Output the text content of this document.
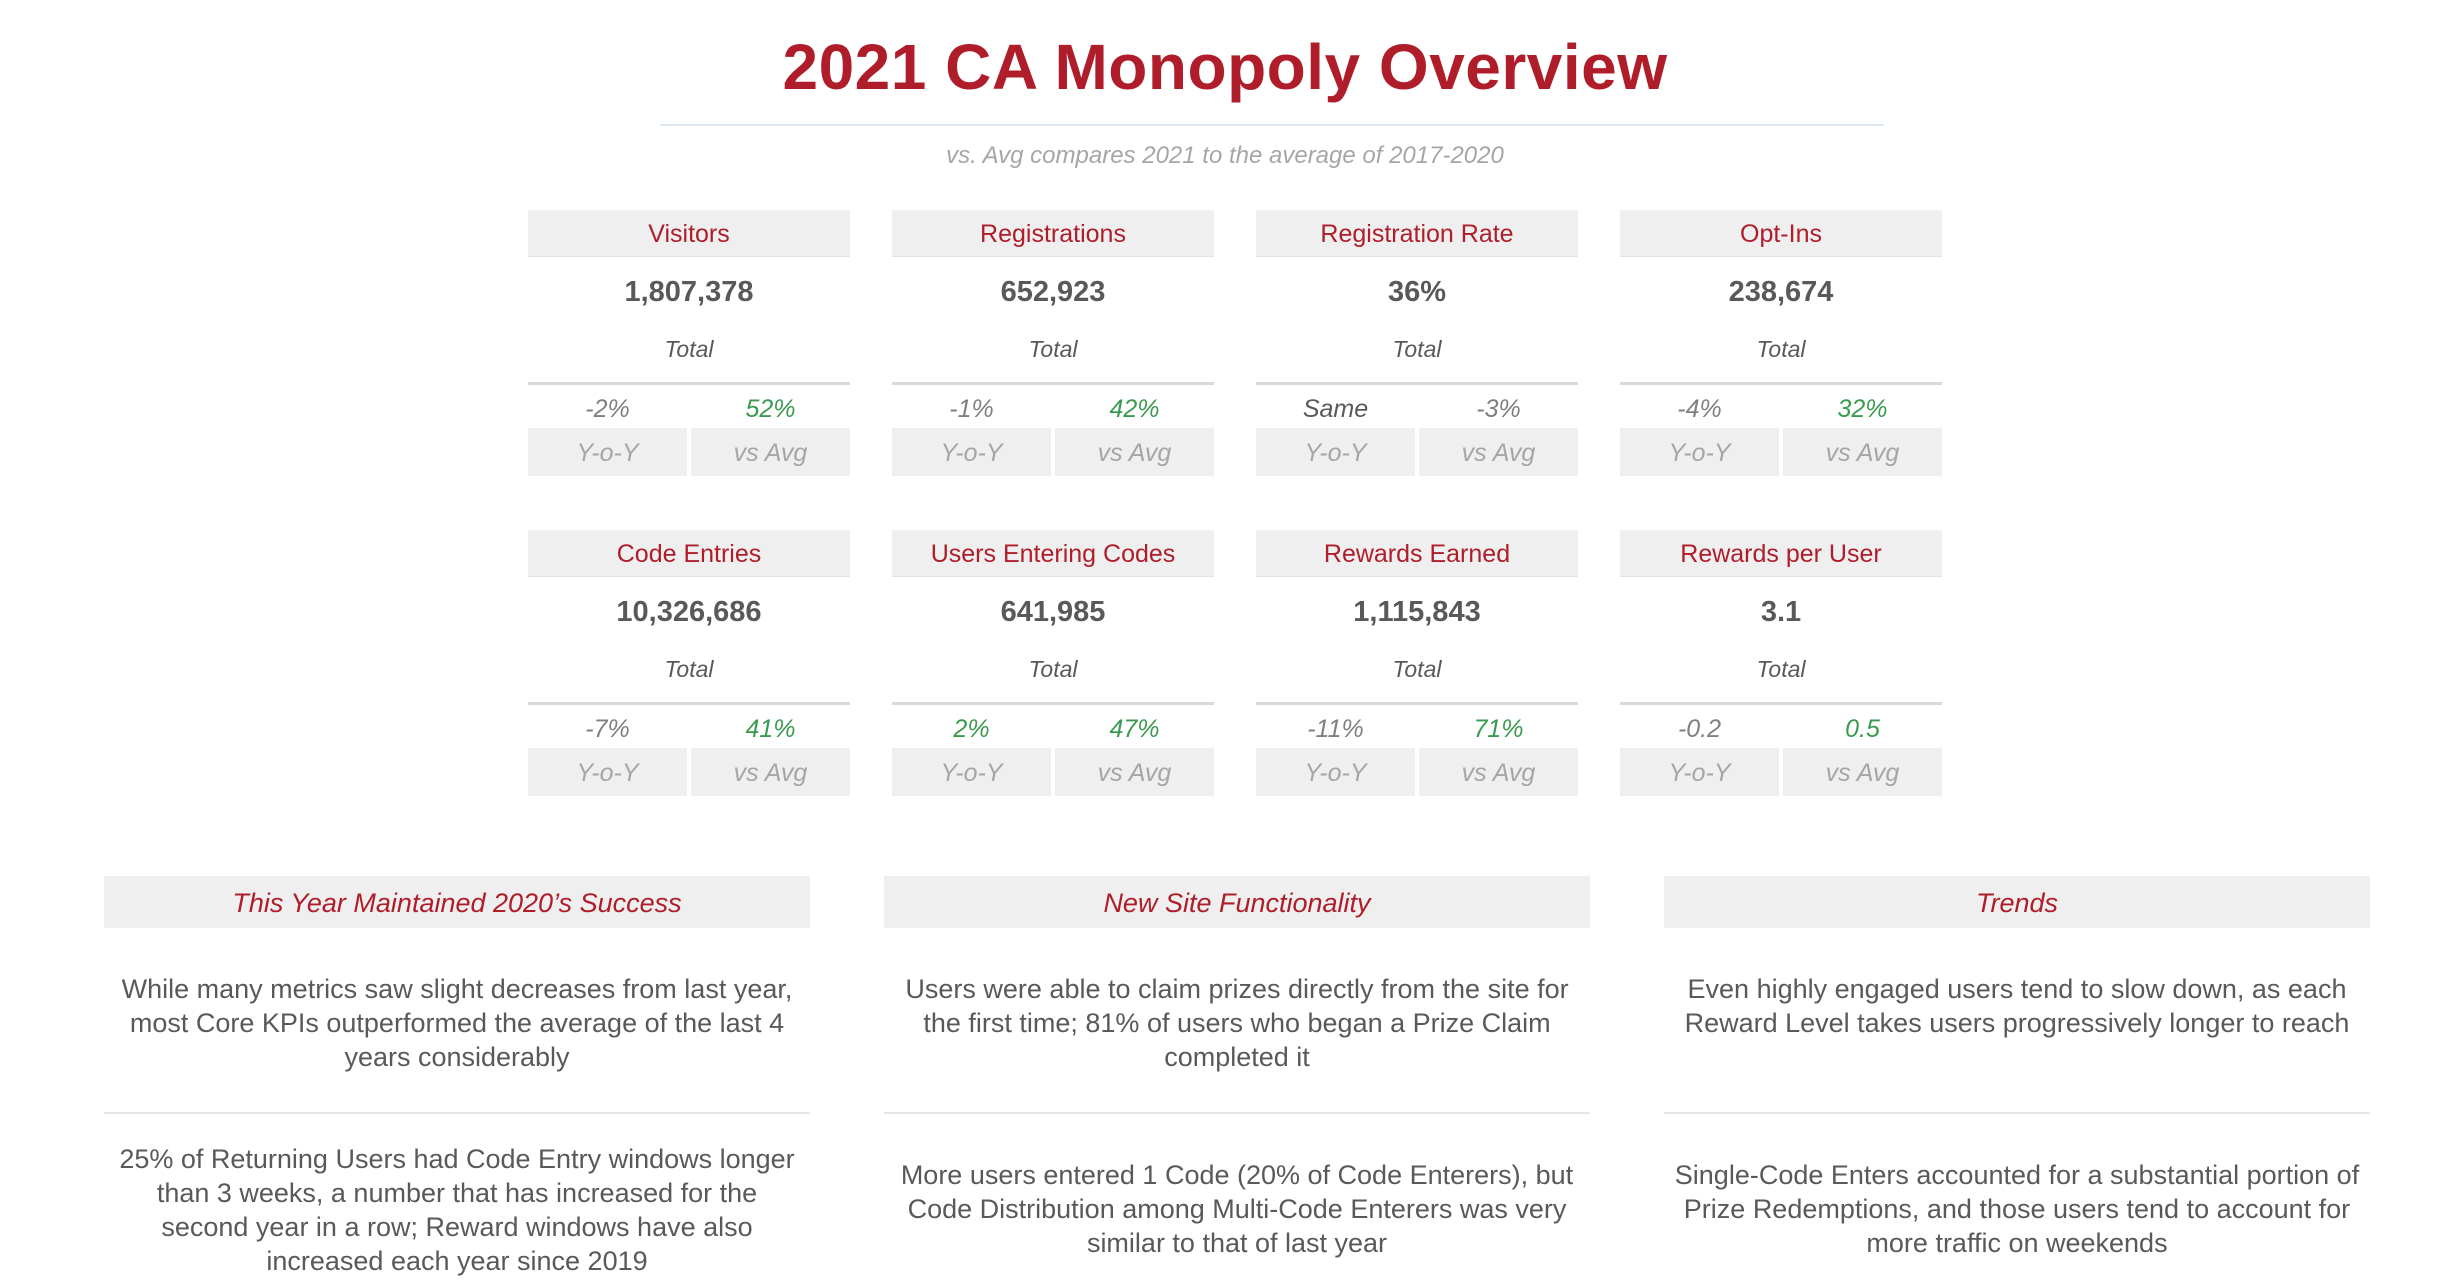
2021 CA Monopoly Overview
vs. Avg compares 2021 to the average of 2017-2020
Visitors
1,807,378
Total
-2%	52%
Y-o-Y	vs Avg
Registrations
652,923
Total
-1%	42%
Y-o-Y	vs Avg
Registration Rate
36%
Total
Same	-3%
Y-o-Y	vs Avg
Opt-Ins
238,674
Total
-4%	32%
Y-o-Y	vs Avg
Code Entries
10,326,686
Total
-7%	41%
Y-o-Y	vs Avg
Users Entering Codes
641,985
Total
2%	47%
Y-o-Y	vs Avg
Rewards Earned
1,115,843
Total
-11%	71%
Y-o-Y	vs Avg
Rewards per User
3.1
Total
-0.2	0.5
Y-o-Y	vs Avg
This Year Maintained 2020’s Success
While many metrics saw slight decreases from last year, most Core KPIs outperformed the average of the last 4 years considerably
25% of Returning Users had Code Entry windows longer than 3 weeks, a number that has increased for the second year in a row; Reward windows have also increased each year since 2019
New Site Functionality
Users were able to claim prizes directly from the site for the first time; 81% of users who began a Prize Claim completed it
More users entered 1 Code (20% of Code Enterers), but Code Distribution among Multi-Code Enterers was very similar to that of last year
Trends
Even highly engaged users tend to slow down, as each Reward Level takes users progressively longer to reach
Single-Code Enters accounted for a substantial portion of Prize Redemptions, and those users tend to account for more traffic on weekends
